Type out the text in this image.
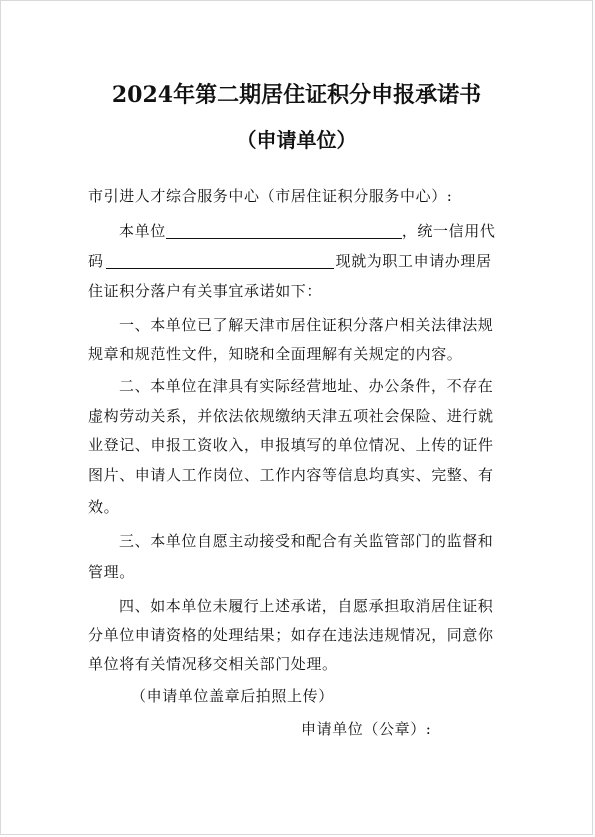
2024年第二期居住证积分申报承诺书
（申请单位）
市引进人才综合服务中心（市居住证积分服务中心）:
本单位	，统一信用代
码	现就为职工申请办理居
住证积分落户有关事宜承诺如下：
一、本单位已了解天津市居住证积分落户相关法律法规
规章和规范性文件，知晓和全面理解有关规定的内容。
二、本单位在津具有实际经营地址、办公条件，不存在
虚构劳动关系，并依法依规缴纳天津五项社会保险、进行就
业登记、申报工资收入，申报填写的单位情况、上传的证件
图片、申请人工作岗位、工作内容等信息均真实、完整、有
效。
三、本单位自愿主动接受和配合有关监管部门的监督和
管理。
四、如本单位未履行上述承诺，自愿承担取消居住证积
分单位申请资格的处理结果；如存在违法违规情况，同意你
单位将有关情况移交相关部门处理。
（申请单位盖章后拍照上传）
申请单位（公章）:
